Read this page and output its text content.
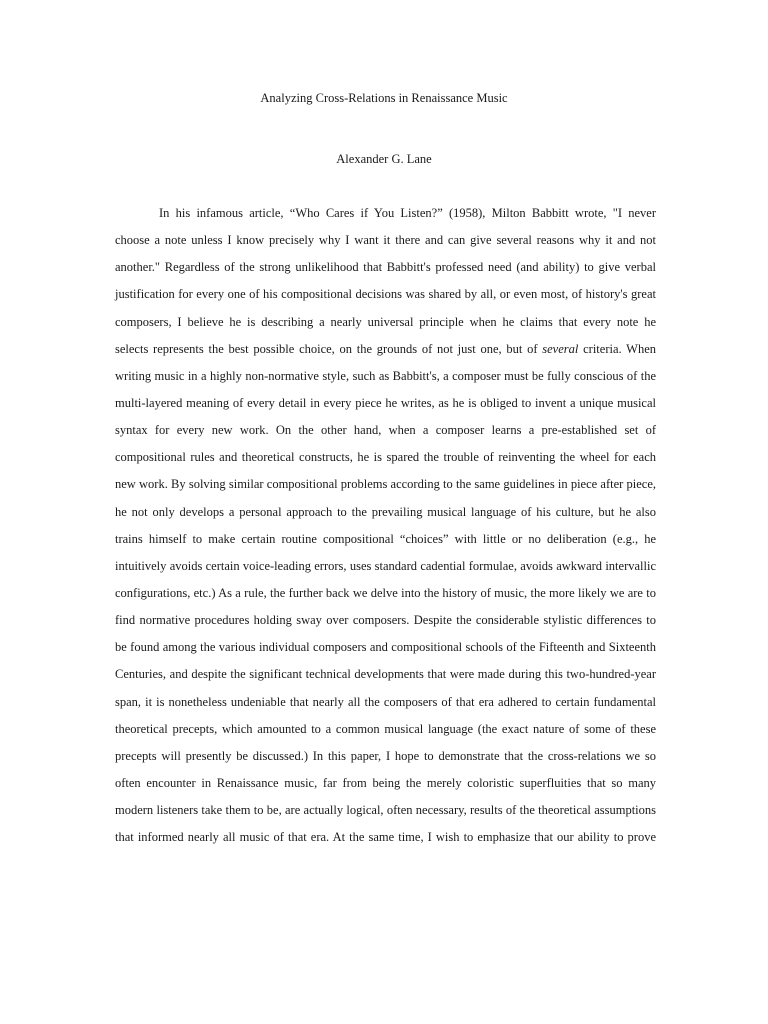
Analyzing Cross-Relations in Renaissance Music
Alexander G. Lane
In his infamous article, “Who Cares if You Listen?” (1958), Milton Babbitt wrote, "I never
choose a note unless I know precisely why I want it there and can give several reasons why it and not
another." Regardless of the strong unlikelihood that Babbitt's professed need (and ability) to give verbal
justification for every one of his compositional decisions was shared by all, or even most, of history's great
composers, I believe he is describing a nearly universal principle when he claims that every note he
selects represents the best possible choice, on the grounds of not just one, but of several criteria. When
writing music in a highly non-normative style, such as Babbitt's, a composer must be fully conscious of the
multi-layered meaning of every detail in every piece he writes, as he is obliged to invent a unique musical
syntax for every new work. On the other hand, when a composer learns a pre-established set of
compositional rules and theoretical constructs, he is spared the trouble of reinventing the wheel for each
new work. By solving similar compositional problems according to the same guidelines in piece after piece,
he not only develops a personal approach to the prevailing musical language of his culture, but he also
trains himself to make certain routine compositional “choices” with little or no deliberation (e.g., he
intuitively avoids certain voice-leading errors, uses standard cadential formulae, avoids awkward intervallic
configurations, etc.) As a rule, the further back we delve into the history of music, the more likely we are to
find normative procedures holding sway over composers. Despite the considerable stylistic differences to
be found among the various individual composers and compositional schools of the Fifteenth and Sixteenth
Centuries, and despite the significant technical developments that were made during this two-hundred-year
span, it is nonetheless undeniable that nearly all the composers of that era adhered to certain fundamental
theoretical precepts, which amounted to a common musical language (the exact nature of some of these
precepts will presently be discussed.) In this paper, I hope to demonstrate that the cross-relations we so
often encounter in Renaissance music, far from being the merely coloristic superfluities that so many
modern listeners take them to be, are actually logical, often necessary, results of the theoretical assumptions
that informed nearly all music of that era. At the same time, I wish to emphasize that our ability to prove
